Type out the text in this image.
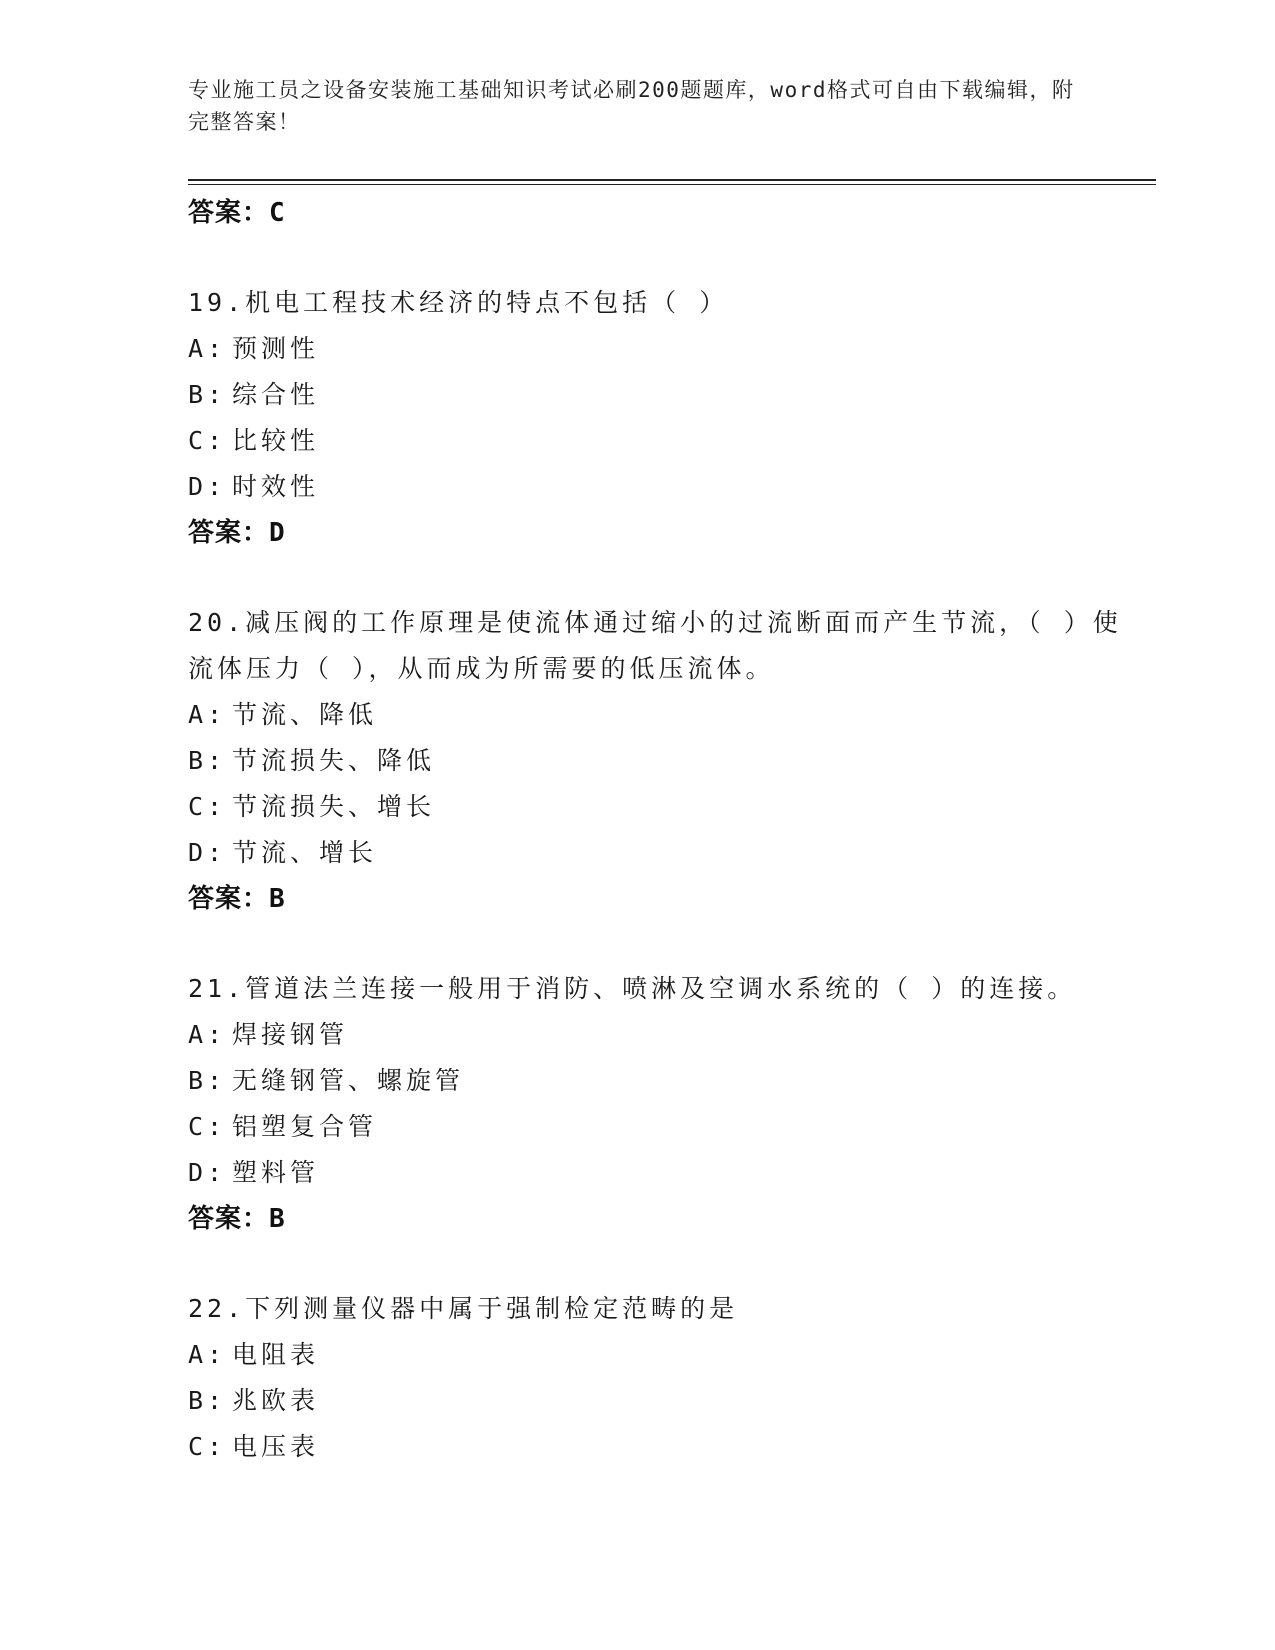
专业施工员之设备安装施工基础知识考试必刷200题题库，word格式可自由下载编辑，附完整答案！
答案：C
19.机电工程技术经济的特点不包括（ ）
A: 预测性
B: 综合性
C: 比较性
D: 时效性
答案：D
20.减压阀的工作原理是使流体通过缩小的过流断面而产生节流，（ ）使流体压力（ ），从而成为所需要的低压流体。
A: 节流、降低
B: 节流损失、降低
C: 节流损失、增长
D: 节流、增长
答案：B
21.管道法兰连接一般用于消防、喷淋及空调水系统的（ ）的连接。
A: 焊接钢管
B: 无缝钢管、螺旋管
C: 铝塑复合管
D: 塑料管
答案：B
22.下列测量仪器中属于强制检定范畴的是
A: 电阻表
B: 兆欧表
C: 电压表
